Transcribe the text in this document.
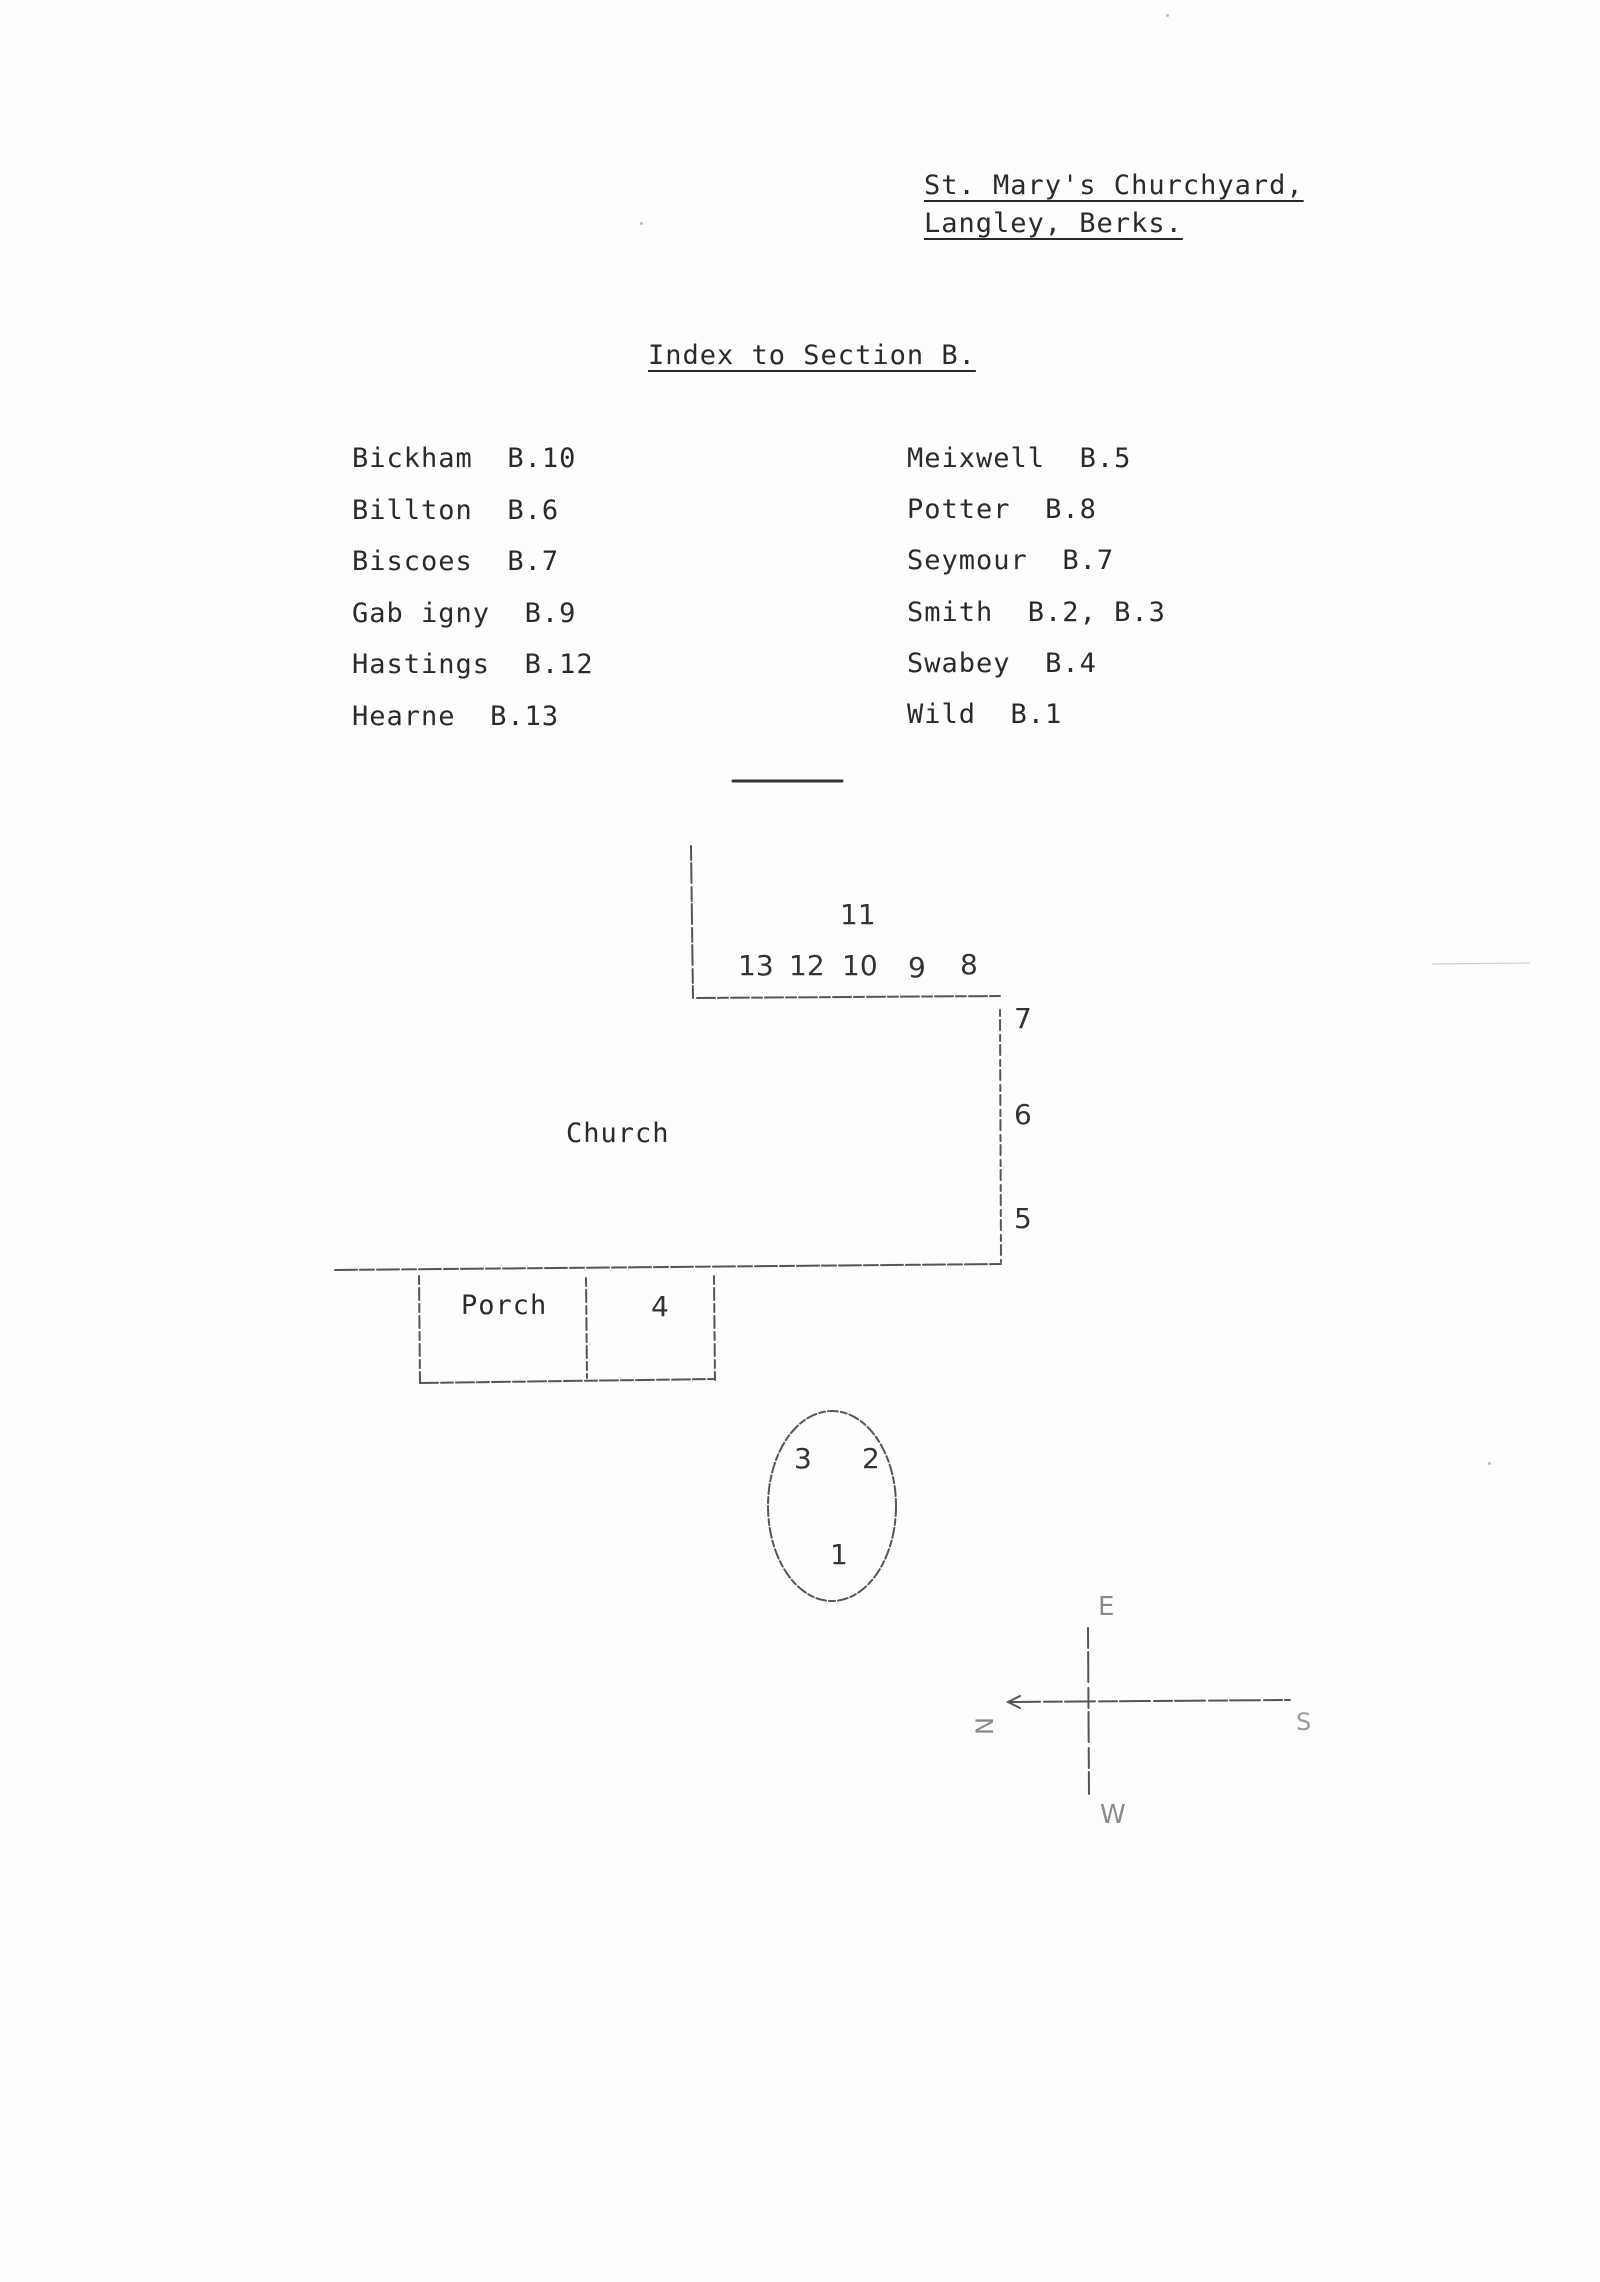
St. Mary's Churchyard,
Langley, Berks.
Index to Section B.
Bickham B.10
Billton B.6
Biscoes B.7
Gab igny B.9
Hastings B.12
Hearne B.13
Meixwell B.5
Potter B.8
Seymour B.7
Smith B.2, B.3
Swabey B.4
Wild B.1
Church
Porch
11
13 12 10 9 8
7
6
5
4
3 2
1
E
W
N	S
